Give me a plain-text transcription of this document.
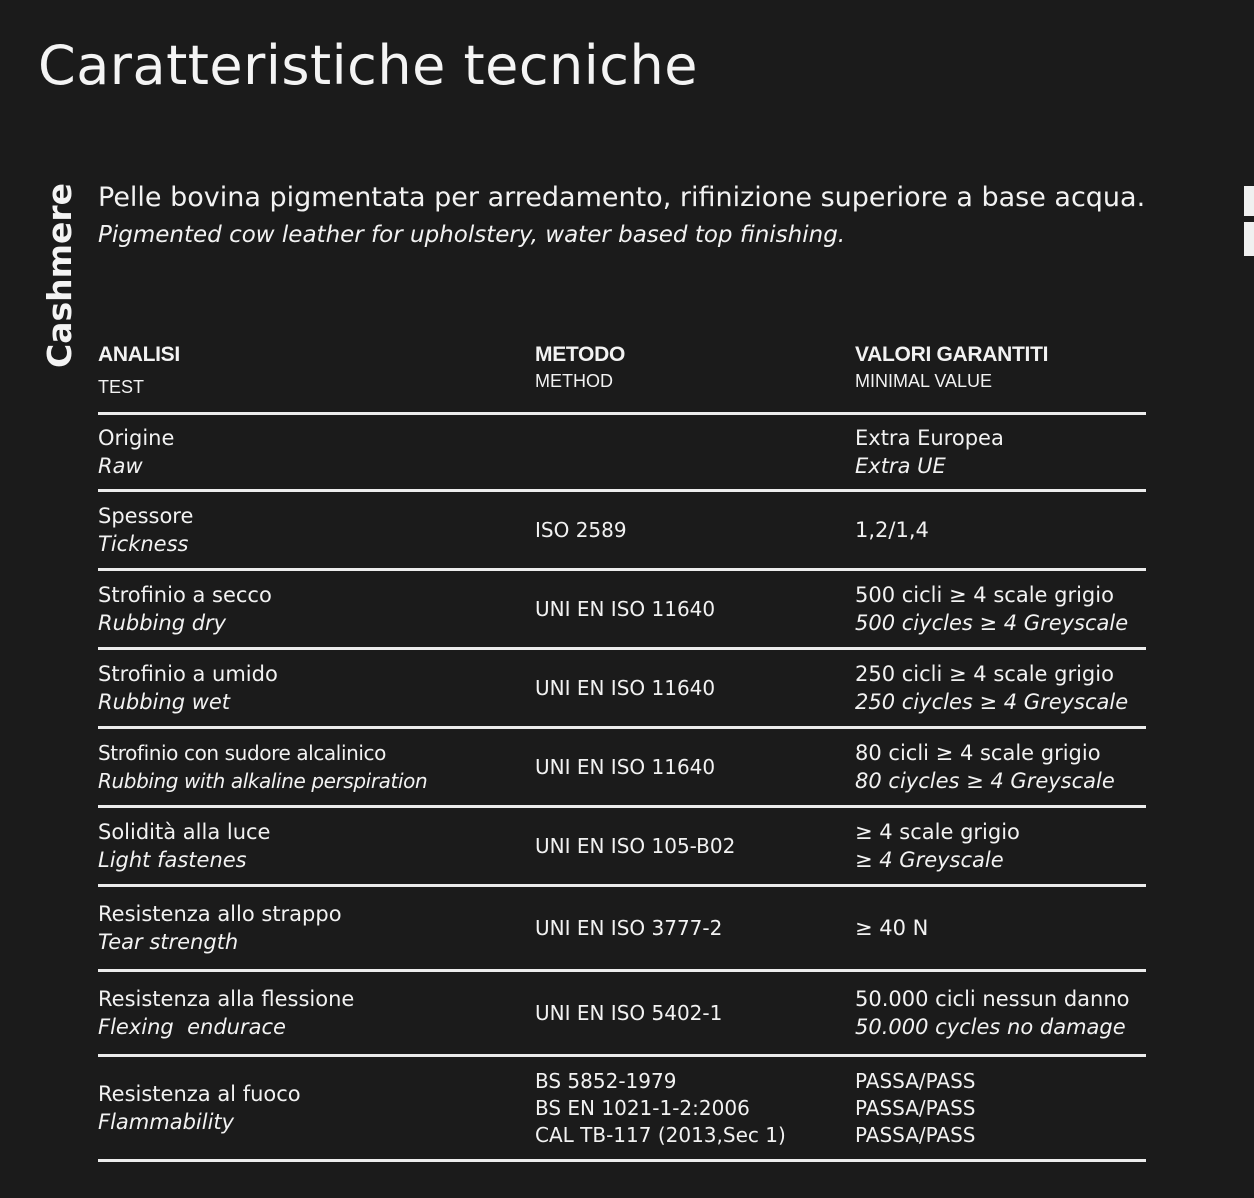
Caratteristiche tecniche
Cashmere Pelle bovina pigmentata per arredamento, rifinizione superiore a base acqua.

Pigmented cow leather for upholstery, water based top finishing.

ANALISI
TEST
METODO
METHOD
VALORI GARANTITI
MINIMAL VALUE
Origine
Raw
Extra Europea
Extra UE
Spessore
Tickness
ISO 2589	1,2/1,4
Strofinio a secco
Rubbing dry
UNI EN ISO 11640
500 cicli ≥ 4 scale grigio
500 ciycles ≥ 4 Greyscale
Strofinio a umido
Rubbing wet
UNI EN ISO 11640
250 cicli ≥ 4 scale grigio
250 ciycles ≥ 4 Greyscale
Strofinio con sudore alcalinico
Rubbing with alkaline perspiration
UNI EN ISO 11640
80 cicli ≥ 4 scale grigio
80 ciycles ≥ 4 Greyscale
Solidità alla luce
Light fastenes
UNI EN ISO 105-B02
≥ 4 scale grigio
≥ 4 Greyscale
Resistenza allo strappo
Tear strength
UNI EN ISO 3777-2	≥ 40 N
Resistenza alla flessione
Flexing  endurace
UNI EN ISO 5402-1
50.000 cicli nessun danno
50.000 cycles no damage
Resistenza al fuoco
Flammability
BS 5852-1979
BS EN 1021-1-2:2006
CAL TB-117 (2013,Sec 1)
PASSA/PASS
PASSA/PASS
PASSA/PASS
